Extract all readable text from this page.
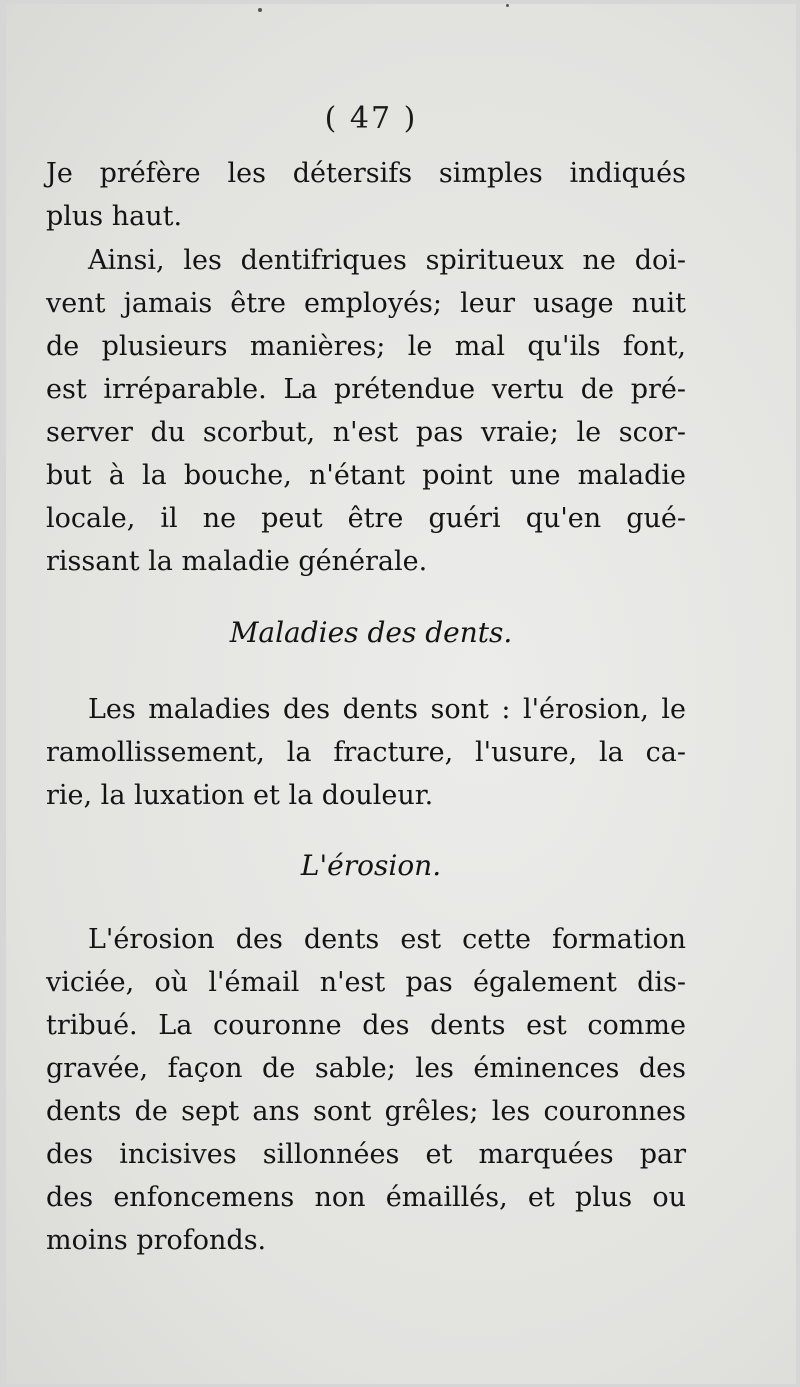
( 47 )
Je préfère les détersifs simples indiqués
plus haut.
Ainsi, les dentifriques spiritueux ne doi-
vent jamais être employés; leur usage nuit
de plusieurs manières; le mal qu'ils font,
est irréparable. La prétendue vertu de pré-
server du scorbut, n'est pas vraie; le scor-
but à la bouche, n'étant point une maladie
locale, il ne peut être guéri qu'en gué-
rissant la maladie générale.
Maladies des dents.
Les maladies des dents sont : l'érosion, le
ramollissement, la fracture, l'usure, la ca-
rie, la luxation et la douleur.
L'érosion.
L'érosion des dents est cette formation
viciée, où l'émail n'est pas également dis-
tribué. La couronne des dents est comme
gravée, façon de sable; les éminences des
dents de sept ans sont grêles; les couronnes
des incisives sillonnées et marquées par
des enfoncemens non émaillés, et plus ou
moins profonds.
